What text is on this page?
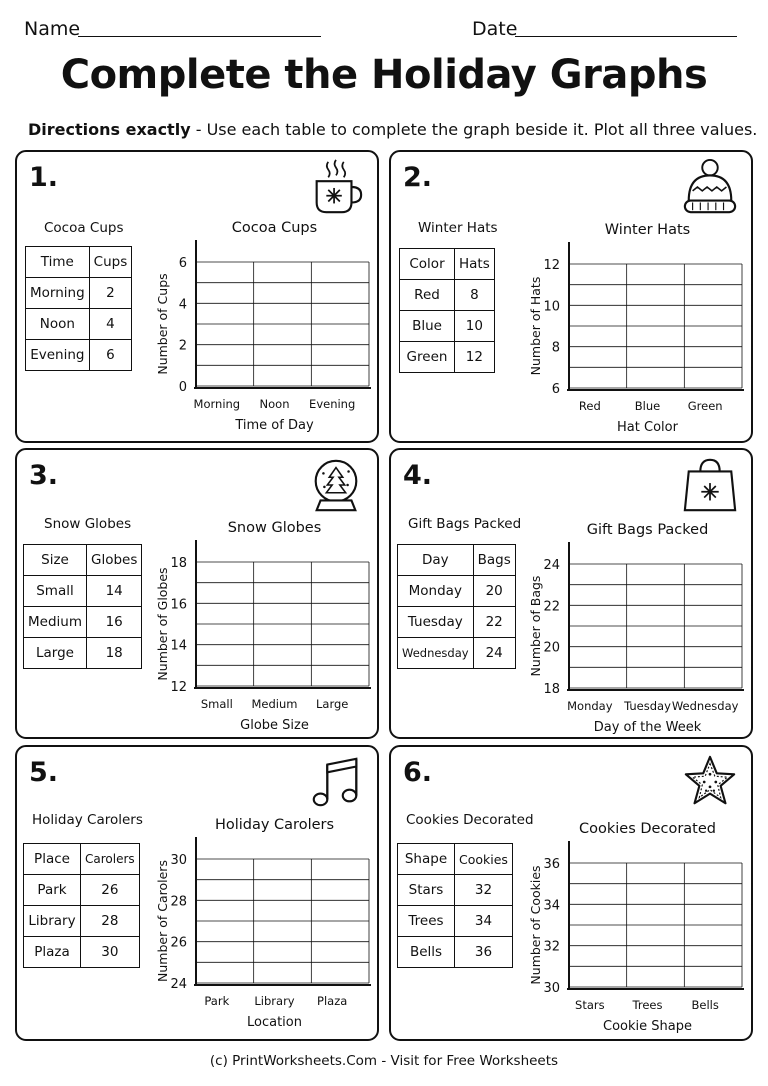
Name	Date
Complete the Holiday Graphs
Directions exactly - Use each table to complete the graph beside it. Plot all three values.
1.
Cocoa Cups
Time	Cups
Morning	2
Noon	4
Evening	6
Cocoa Cups
0
2
4
6
Morning Noon Evening
Time of Day
Number of Cups
2.
Winter Hats
Color	Hats
Red	8
Blue	10
Green	12
Winter Hats
6
8
10
12
Red	Blue Green
Hat Color
Number of Hats
3.
Snow Globes
Size	Globes
Small	14
Medium	16
Large	18
Snow Globes
12
14
16
18
Small Medium Large
Globe Size
Number of Globes
4.
Gift Bags Packed
Day	Bags
Monday	20
Tuesday	22
Wednesday	24
Gift Bags Packed
18
20
22
24
Monday Tuesday Wednesday
Day of the Week
Number of Bags
5.
Holiday Carolers
Place	Carolers
Park	26
Library	28
Plaza	30
Holiday Carolers
24
26
28
30
Park Library Plaza
Location
Number of Carolers
6.
Cookies Decorated
Shape	Cookies
Stars	32
Trees	34
Bells	36
Cookies Decorated
30
32
34
36
Stars Trees	Bells
Cookie Shape
Number of Cookies
(c) PrintWorksheets.Com - Visit for Free Worksheets
